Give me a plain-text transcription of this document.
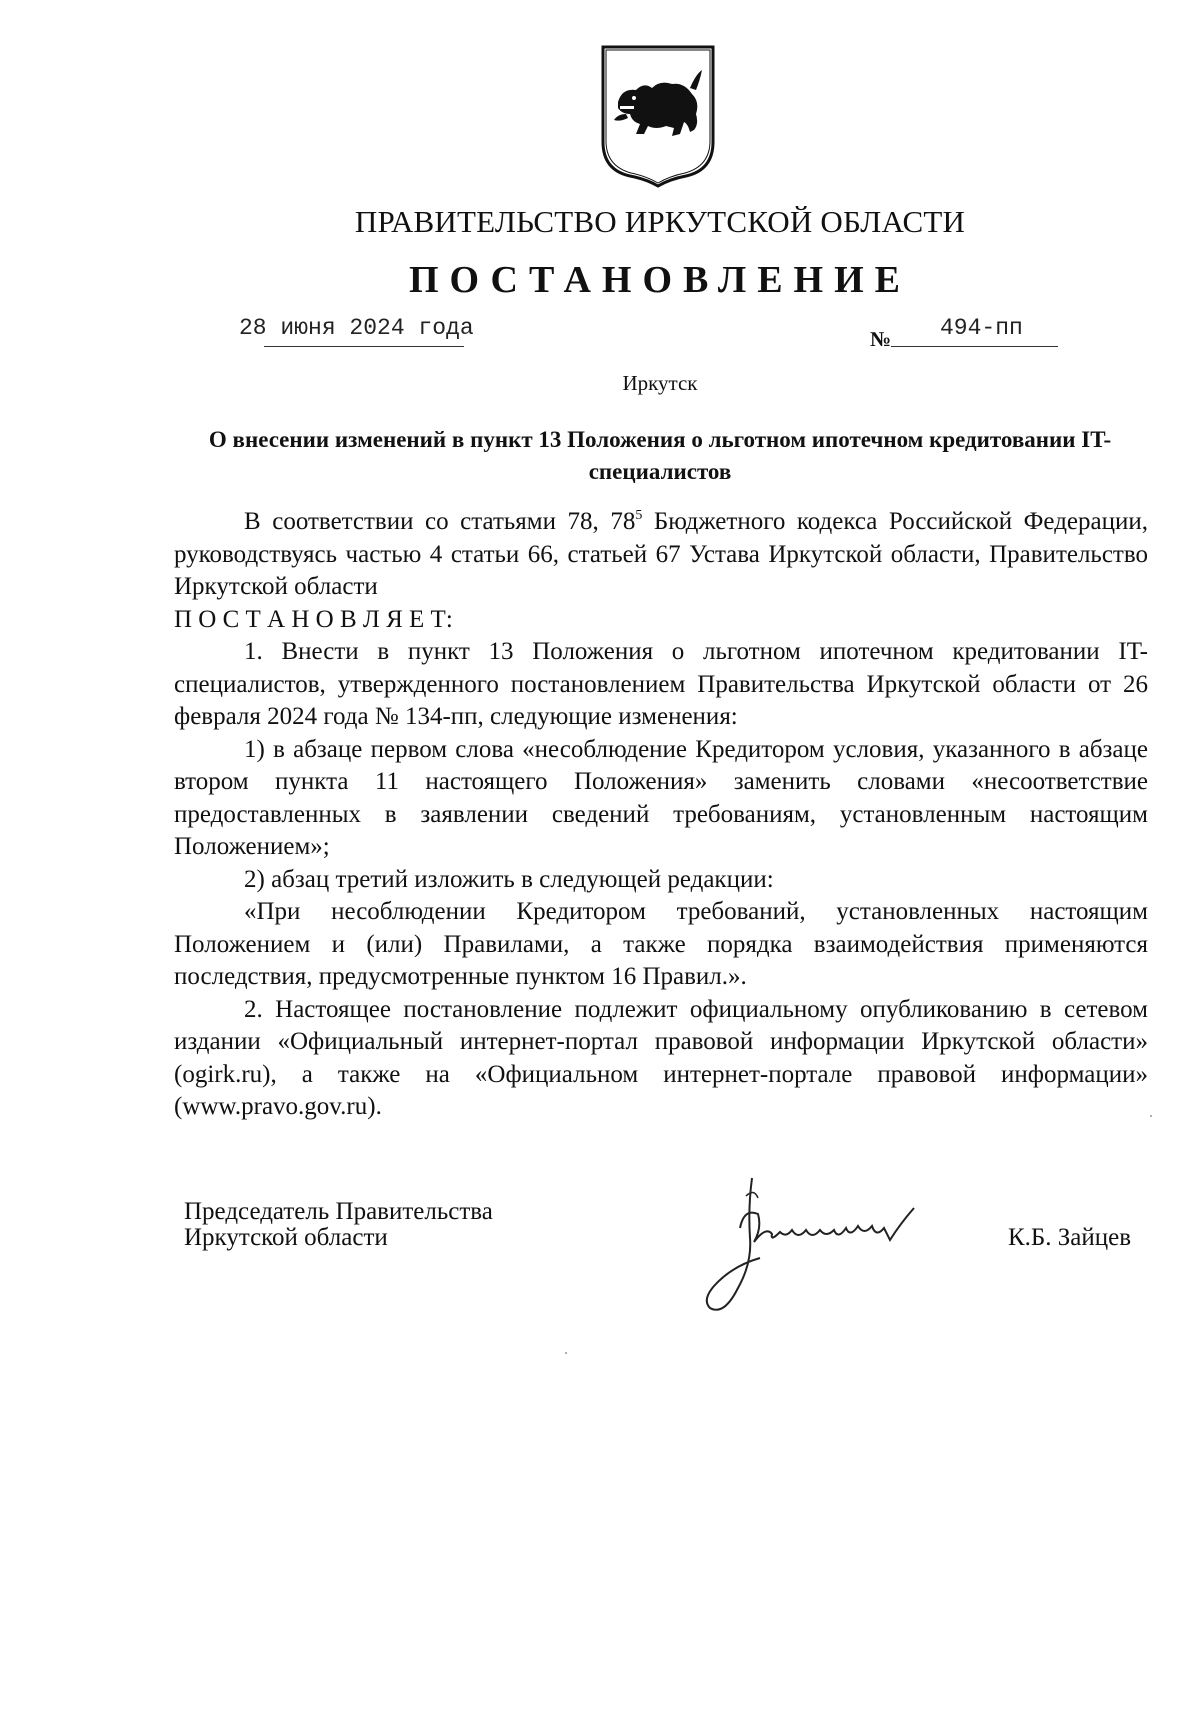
ПРАВИТЕЛЬСТВО ИРКУТСКОЙ ОБЛАСТИ
ПОСТАНОВЛЕНИЕ
28 июня 2024 года	№ 494-пп
Иркутск
О внесении изменений в пункт 13 Положения о льготном ипотечном кредитовании IT-специалистов

В соответствии со статьями 78, $78^5$ Бюджетного кодекса Российской Федерации, руководствуясь частью 4 статьи 66, статьей 67 Устава Иркутской области, Правительство Иркутской области

П О С Т А Н О В Л Я Е Т:

1. Внести в пункт 13 Положения о льготном ипотечном кредитовании IT-специалистов, утвержденного постановлением Правительства Иркутской области от 26 февраля 2024 года № 134-пп, следующие изменения:

1) в абзаце первом слова «несоблюдение Кредитором условия, указанного в абзаце втором пункта 11 настоящего Положения» заменить словами «несоответствие предоставленных в заявлении сведений требованиям, установленным настоящим Положением»;

2) абзац третий изложить в следующей редакции:

«При несоблюдении Кредитором требований, установленных настоящим Положением и (или) Правилами, а также порядка взаимодействия применяются последствия, предусмотренные пунктом 16 Правил.».

2. Настоящее постановление подлежит официальному опубликованию в сетевом издании «Официальный интернет-портал правовой информации Иркутской области» (ogirk.ru), а также на «Официальном интернет-портале правовой информации» (www.pravo.gov.ru).

Председатель Правительства
Иркутской области	К.Б. Зайцев
